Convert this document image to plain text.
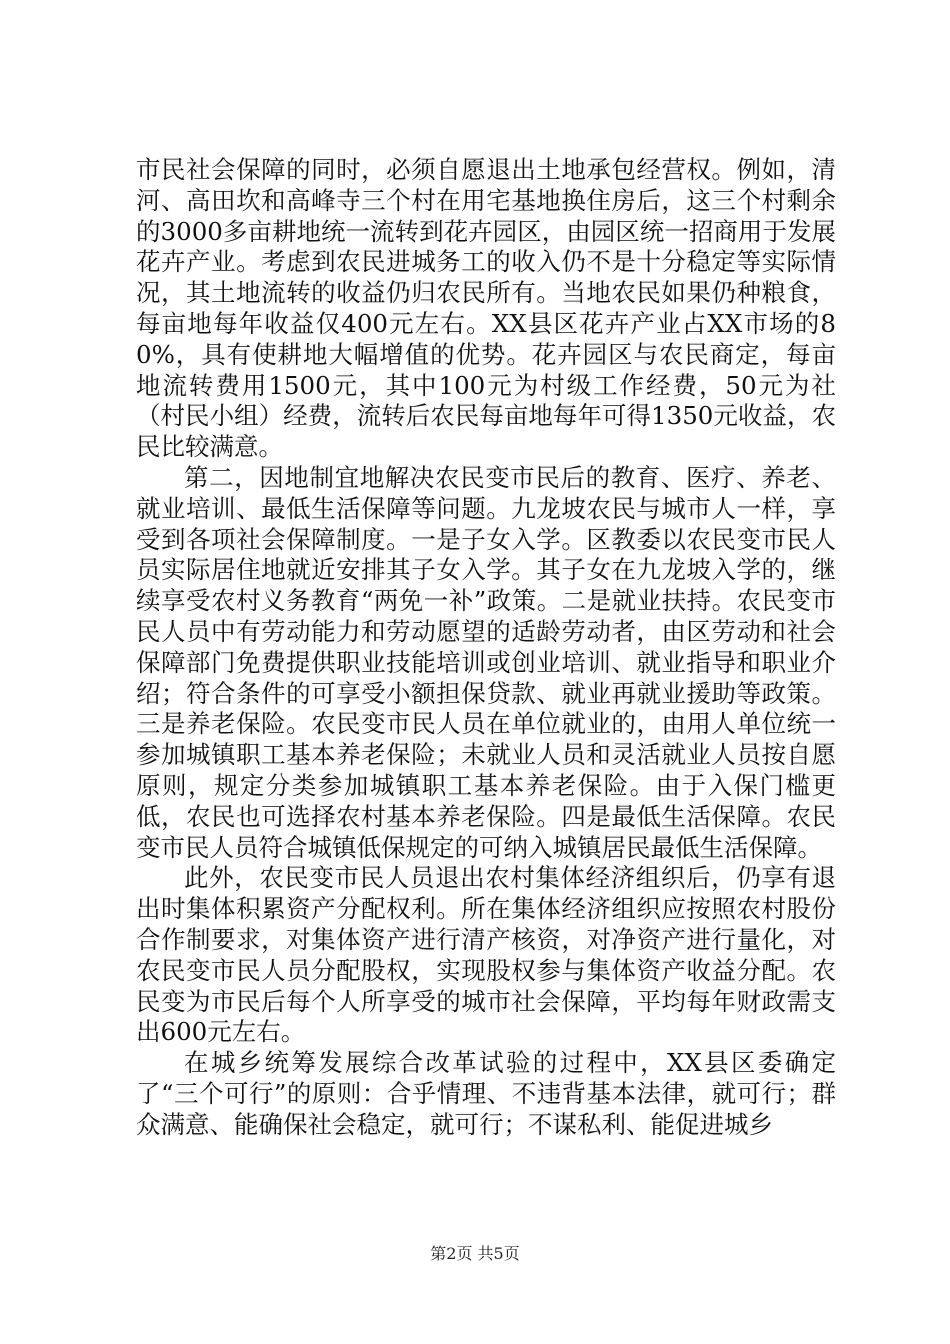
市民社会保障的同时，必须自愿退出土地承包经营权。例如，清河、高田坎和高峰寺三个村在用宅基地换住房后，这三个村剩余的3000多亩耕地统一流转到花卉园区，由园区统一招商用于发展花卉产业。考虑到农民进城务工的收入仍不是十分稳定等实际情况，其土地流转的收益仍归农民所有。当地农民如果仍种粮食，每亩地每年收益仅400元左右。XX县区花卉产业占XX市场的80%，具有使耕地大幅增值的优势。花卉园区与农民商定，每亩地流转费用1500元，其中100元为村级工作经费，50元为社（村民小组）经费，流转后农民每亩地每年可得1350元收益，农民比较满意。

第二，因地制宜地解决农民变市民后的教育、医疗、养老、就业培训、最低生活保障等问题。九龙坡农民与城市人一样，享受到各项社会保障制度。一是子女入学。区教委以农民变市民人员实际居住地就近安排其子女入学。其子女在九龙坡入学的，继续享受农村义务教育“两免一补”政策。二是就业扶持。农民变市民人员中有劳动能力和劳动愿望的适龄劳动者，由区劳动和社会保障部门免费提供职业技能培训或创业培训、就业指导和职业介绍；符合条件的可享受小额担保贷款、就业再就业援助等政策。三是养老保险。农民变市民人员在单位就业的，由用人单位统一参加城镇职工基本养老保险；未就业人员和灵活就业人员按自愿原则，规定分类参加城镇职工基本养老保险。由于入保门槛更低，农民也可选择农村基本养老保险。四是最低生活保障。农民变市民人员符合城镇低保规定的可纳入城镇居民最低生活保障。

此外，农民变市民人员退出农村集体经济组织后，仍享有退出时集体积累资产分配权利。所在集体经济组织应按照农村股份合作制要求，对集体资产进行清产核资，对净资产进行量化，对农民变市民人员分配股权，实现股权参与集体资产收益分配。农民变为市民后每个人所享受的城市社会保障，平均每年财政需支出600元左右。

在城乡统筹发展综合改革试验的过程中，XX县区委确定了“三个可行”的原则：合乎情理、不违背基本法律，就可行；群众满意、能确保社会稳定，就可行；不谋私利、能促进城乡

第2页 共5页
